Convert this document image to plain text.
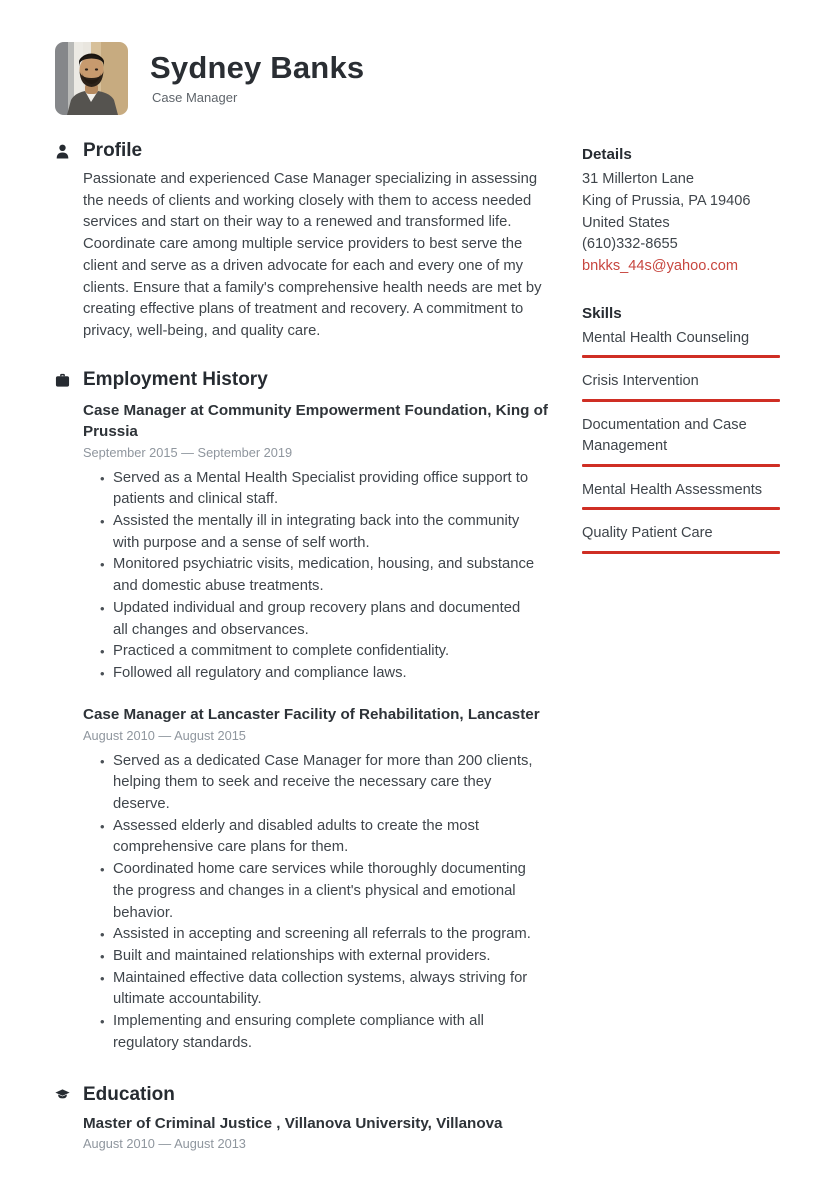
Sydney Banks
Case Manager
Profile
Passionate and experienced Case Manager specializing in assessing the needs of clients and working closely with them to access needed services and start on their way to a renewed and transformed life. Coordinate care among multiple service providers to best serve the client and serve as a driven advocate for each and every one of my clients. Ensure that a family's comprehensive health needs are met by creating effective plans of treatment and recovery. A commitment to privacy, well-being, and quality care.
Employment History
Case Manager at Community Empowerment Foundation, King of Prussia
September 2015 — September 2019
• Served as a Mental Health Specialist providing office support to patients and clinical staff.
• Assisted the mentally ill in integrating back into the community with purpose and a sense of self worth.
• Monitored psychiatric visits, medication, housing, and substance and domestic abuse treatments.
• Updated individual and group recovery plans and documented all changes and observances.
• Practiced a commitment to complete confidentiality.
• Followed all regulatory and compliance laws.
Case Manager at Lancaster Facility of Rehabilitation, Lancaster
August 2010 — August 2015
• Served as a dedicated Case Manager for more than 200 clients, helping them to seek and receive the necessary care they deserve.
• Assessed elderly and disabled adults to create the most comprehensive care plans for them.
• Coordinated home care services while thoroughly documenting the progress and changes in a client's physical and emotional behavior.
• Assisted in accepting and screening all referrals to the program.
• Built and maintained relationships with external providers.
• Maintained effective data collection systems, always striving for ultimate accountability.
• Implementing and ensuring complete compliance with all regulatory standards.
Education
Master of Criminal Justice , Villanova University, Villanova
August 2010 — August 2013
Details
31 Millerton Lane
King of Prussia, PA 19406
United States
(610)332-8655
bnkks_44s@yahoo.com
Skills
Mental Health Counseling
Crisis Intervention
Documentation and Case Management
Mental Health Assessments
Quality Patient Care
